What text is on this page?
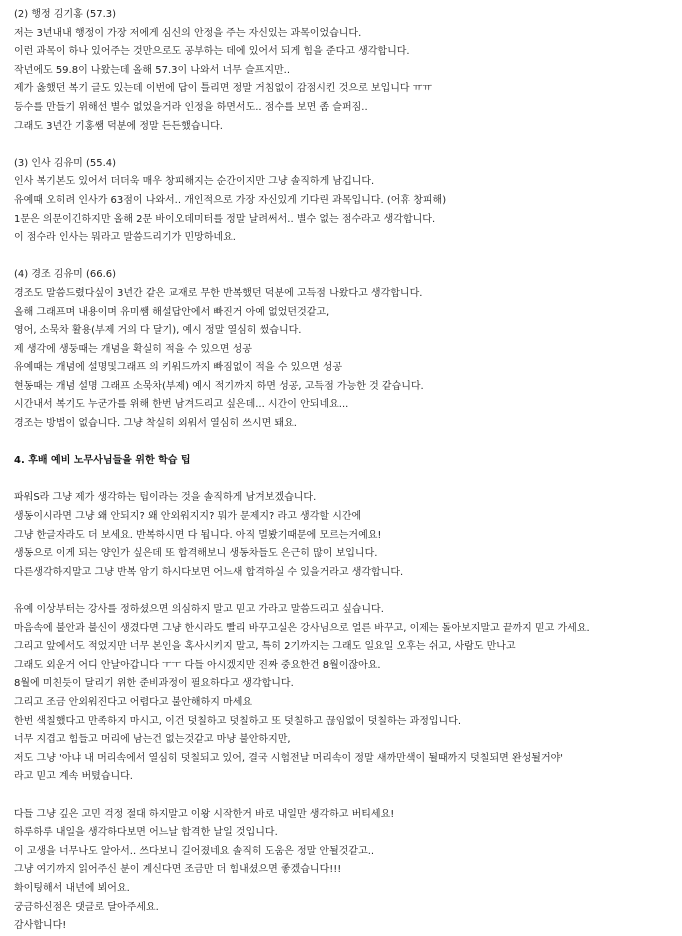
(2) 행정 김기홍 (57.3)
저는 3년내내 행정이 가장 저에게 심신의 안정을 주는 자신있는 과목이었습니다.
이런 과목이 하나 있어주는 것만으로도 공부하는 데에 있어서 되게 힘을 준다고 생각합니다.
작년에도 59.8이 나왔는데 올해 57.3이 나와서 너무 슬프지만..
제가 옳했던 복기 글도 있는데 이번에 답이 틀리면 정말 거침없이 감점시킨 것으로 보입니다 ㅠㅠ
등수를 만들기 위해선 별수 없었을거라 인정을 하면서도.. 점수를 보면 좀 슬퍼짐..
그래도 3년간 기홍쌤 덕분에 정말 든든했습니다.
(3) 인사 김유미 (55.4)
인사 복기본도 있어서 더더욱 매우 창피해지는 순간이지만 그냥 솔직하게 남깁니다.
유예때 오히려 인사가 63점이 나와서.. 개인적으로 가장 자신있게 기다린 과목입니다. (어휴 창피해)
1문은 의문이긴하지만 올해 2문 바이오데미터를 정말 날려써서.. 별수 없는 점수라고 생각합니다.
이 점수라 인사는 뭐라고 말씀드리기가 민망하네요.
(4) 경조 김유미 (66.6)
경조도 말씀드렸다싶이 3년간 같은 교재로 무한 반복했던 덕분에 고득점 나왔다고 생각합니다.
올해 그래프며 내용이며 유미쌤 해설답안에서 빠진거 아예 없었던것같고,
영어, 소묵차 활용(부제 거의 다 달기), 예시 정말 열심히 썼습니다.
제 생각에 생둥때는 개념을 확실히 적을 수 있으면 성공
유예때는 개념에 설명및그래프 의 키워드까지 빠짐없이 적을 수 있으면 성공
현동때는 개념 설명 그래프 소묵차(부제) 예시 적기까지 하면 성공, 고득점 가능한 것 같습니다.
시간내서 복기도 누군가를 위해 한번 남겨드리고 싶은데... 시간이 안되네요...
경조는 방법이 없습니다. 그냥 착실히 외워서 열심히 쓰시면 돼요.
4. 후배 예비 노무사님들을 위한 학습 팁
파워S라 그냥 제가 생각하는 팁이라는 것을 솔직하게 남겨보겠습니다.
생동이시라면 그냥 왜 안되지? 왜 안외워지지? 뭐가 문제지? 라고 생각할 시간에
그냥 한글자라도 더 보세요. 반복하시면 다 됩니다. 아직 멀봤기때문에 모르는거예요!
생동으로 이게 되는 양인가 싶은데 또 합격해보니 생동차들도 은근히 많이 보입니다.
다른생각하지말고 그냥 반복 암기 하시다보면 어느새 합격하실 수 있을거라고 생각합니다.
유예 이상부터는 강사를 정하셨으면 의심하지 말고 믿고 가라고 말씀드리고 싶습니다.
마음속에 불안과 불신이 생겼다면 그냥 한시라도 빨리 바꾸고실은 강사님으로 얼른 바꾸고, 이제는 돌아보지말고 끝까지 믿고 가세요.
그리고 앞에서도 적었지만 너무 본인을 혹사시키지 말고, 특히 2기까지는 그래도 일요일 오후는 쉬고, 사람도 만나고
그래도 외운거 어디 안날아갑니다 ㅜㅜ 다들 아시겠지만 진짜 중요한건 8월이잖아요.
8월에 미친듯이 달리기 위한 준비과정이 필요하다고 생각합니다.
그리고 조금 안외워진다고 어렵다고 불안해하지 마세요
한번 색칠했다고 만족하지 마시고, 이건 덧칠하고 덧칠하고 또 덧칠하고 끊임없이 덧칠하는 과정입니다.
너무 지겹고 힘들고 머리에 남는건 없는것같고 마냥 불안하지만,
저도 그냥 '아냐 내 머리속에서 열심히 덧칠되고 있어, 결국 시험전날 머리속이 정말 새까만색이 될때까지 덧칠되면 완성될거야'
라고 믿고 계속 버텼습니다.
다들 그냥 깊은 고민 걱정 절대 하지말고 이왕 시작한거 바로 내일만 생각하고 버티세요!
하루하루 내일을 생각하다보면 어느날 합격한 날일 것입니다.
이 고생을 너무나도 알아서.. 쓰다보니 길어졌네요 솔직히 도움은 정말 안될것같고..
그냥 여기까지 읽어주신 분이 계신다면 조금만 더 힘내셨으면 좋겠습니다!!!
화이팅해서 내년에 뵈어요.
궁금하신점은 댓글로 달아주세요.
감사합니다!
